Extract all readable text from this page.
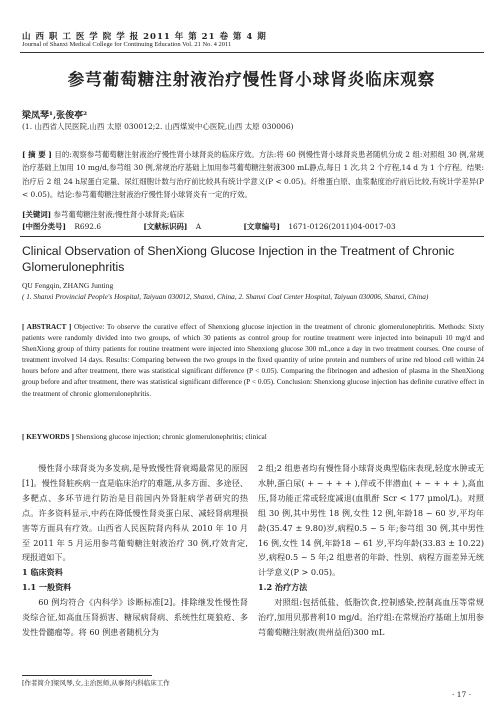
山 西 职 工 医 学 院 学 报 2011 年 第 21 卷 第 4 期
Journal of Shanxi Medical College for Continuing Education Vol. 21 No. 4 2011
参芎葡萄糖注射液治疗慢性肾小球肾炎临床观察
梁凤琴¹,张俊亭²
(1. 山西省人民医院,山西 太原 030012;2. 山西煤炭中心医院,山西 太原 030006)
[ 摘 要 ] 目的:观察参芎葡萄糖注射液治疗慢性肾小球肾炎的临床疗效。方法:将 60 例慢性肾小球肾炎患者随机分成 2 组:对照组 30 例,常规治疗基础上加用 10 mg/d,参芎组 30 例,常规治疗基础上加用参芎葡萄糖注射液300 mL静点,每日 1 次,共 2 个疗程,14 d 为 1 个疗程。结果:治疗后 2 组 24 h尿蛋白定量、尿红细胞计数与治疗前比较具有统计学意义(P < 0.05)。纤维蛋白原、血浆黏度治疗前后比较,有统计学差异(P < 0.05)。结论:参芎葡萄糖注射液治疗慢性肾小球肾炎有一定的疗效。
[关键词] 参芎葡萄糖注射液;慢性肾小球肾炎;临床
[中图分类号] R692.6	[文献标识码] A	[文章编号] 1671-0126(2011)04-0017-03
Clinical Observation of ShenXiong Glucose Injection in the Treatment of Chronic Glomerulonephritis
QU Fengqin, ZHANG Junting
( 1. Shanxi Provincial People's Hospital, Taiyuan 030012, Shanxi, China, 2. Shanxi Coal Center Hospital, Taiyuan 030006, Shanxi, China)
[ ABSTRACT ] Objective: To observe the curative effect of Shenxiong glucose injection in the treatment of chronic glomerulonephritis. Methods: Sixty patients were randomly divided into two groups, of which 30 patients as control group for routine treatment were injected into beinapuli 10 mg/d and ShenXiong group of thirty patients for routine treatment were injected into Shenxiong glucose 300 mL,once a day in two treatment courses. One course of treatment involved 14 days. Results: Comparing between the two groups in the fixed quantity of urine protein and numbers of urine red blood cell within 24 hours before and after treatment, there was statistical significant difference (P < 0.05). Comparing the fibrinogen and adhesion of plasma in the ShenXiong group before and after treatment, there was statistical significant difference (P < 0.05). Conclusion: Shenxiong glucose injection has definite curative effect in the treatment of chronic glomerulonephritis.
[ KEYWORDS ] Shenxiong glucose injection; chronic glomerulonephritis; clinical

慢性肾小球肾炎为多发病,是导致慢性肾衰竭最常见的原因[1]。慢性肾脏疾病一直是临床治疗的难题,从多方面、多途径、多靶点、多环节进行防治是目前国内外肾脏病学者研究的热点。许多资料显示,中药在降低慢性肾炎蛋白尿、减轻肾病理损害等方面具有疗效。山西省人民医院肾内科从 2010 年 10 月至 2011 年 5 月运用参芎葡萄糖注射液治疗 30 例,疗效肯定,现报道如下。

1 临床资料

1.1 一般资料

60 例均符合《内科学》诊断标准[2]。排除继发性慢性肾炎综合征,如高血压肾损害、糖尿病肾病、系统性红斑狼疮、多发性骨髓瘤等。将 60 例患者随机分为

2 组;2 组患者均有慢性肾小球肾炎典型临床表现,轻度水肿或无水肿,蛋白尿( + ~ + + + ),伴或不伴潜血( + ~ + + + ),高血压,肾功能正常或轻度减退(血肌酐 Scr < 177 μmol/L)。对照组 30 例,其中男性 18 例,女性 12 例,年龄18 ~ 60 岁,平均年龄(35.47 ± 9.80)岁,病程0.5 ~ 5 年;参芎组 30 例,其中男性 16 例,女性 14 例,年龄18 ~ 61 岁,平均年龄(33.83 ± 10.22)岁,病程0.5 ~ 5 年;2 组患者的年龄、性别、病程方面差异无统计学意义(P > 0.05)。

1.2 治疗方法

对照组:包括低盐、低脂饮食,控制感染,控制高血压等常规治疗,加用贝那普利10 mg/d。治疗组:在常规治疗基础上加用参芎葡萄糖注射液(贵州益佰)300 mL

[作者简介]梁风琴,女,主治医师,从事肾内科临床工作
· 17 ·
